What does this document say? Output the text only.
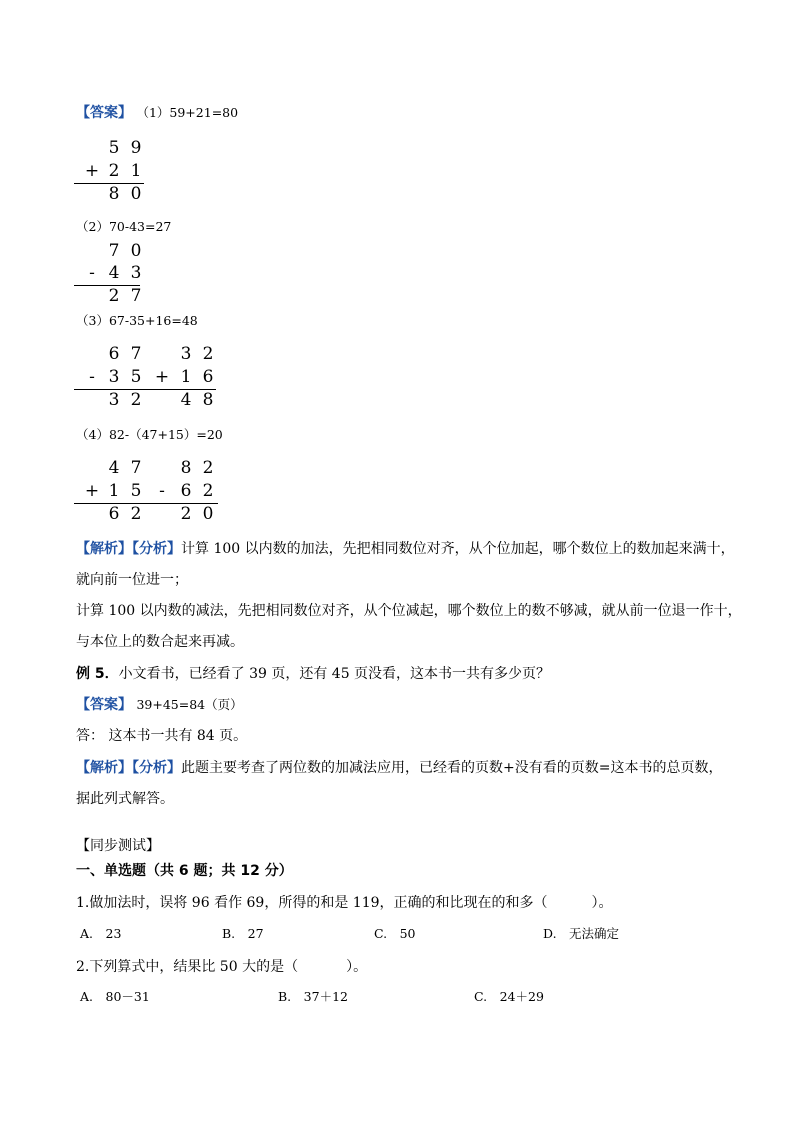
【答案】 （1）59+21=80
5 9
+ 2 1
8 0
（2）70-43=27
7 0
- 4 3
2 7
（3）67-35+16=48
6 7
- 3 5
3 2
3 2
+ 1 6
4 8
（4）82-（47+15）=20
4 7
+ 1 5
6 2
8 2
- 6 2
2 0
【解析】【分析】计算 100 以内数的加法，先把相同数位对齐，从个位加起，哪个数位上的数加起来满十，
就向前一位进一；
计算 100 以内数的减法，先把相同数位对齐，从个位减起，哪个数位上的数不够减，就从前一位退一作十，
与本位上的数合起来再减。
例 5．小文看书，已经看了 39 页，还有 45 页没看，这本书一共有多少页？
【答案】 39+45=84（页）
答： 这本书一共有 84 页。
【解析】【分析】此题主要考查了两位数的加减法应用，已经看的页数+没有看的页数=这本书的总页数，
据此列式解答。
【同步测试】
一、单选题（共 6 题；共 12 分）
1.做加法时，误将 96 看作 69，所得的和是 119，正确的和比现在的和多（	）。
A.　23	B.　27	C.　50	D.　无法确定
2.下列算式中，结果比 50 大的是（	）。
A.　80－31	B.　37＋12	C.　24＋29
